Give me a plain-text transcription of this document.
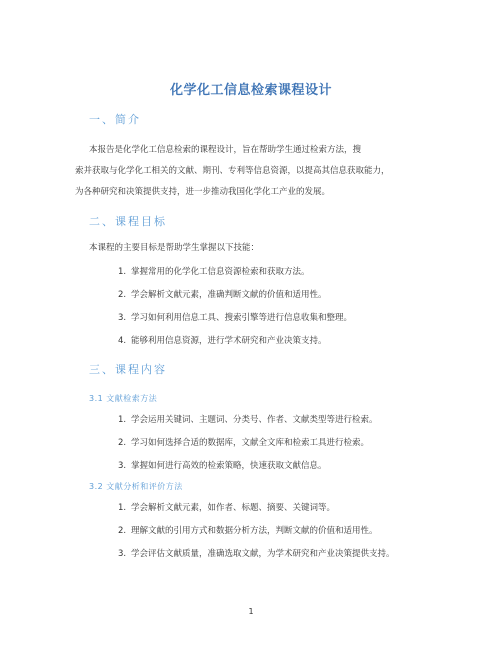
化学化工信息检索课程设计
一、简介
本报告是化学化工信息检索的课程设计，旨在帮助学生通过检索方法，搜
索并获取与化学化工相关的文献、期刊、专利等信息资源，以提高其信息获取能力，
为各种研究和决策提供支持，进一步推动我国化学化工产业的发展。
二、课程目标
本课程的主要目标是帮助学生掌握以下技能：
1. 掌握常用的化学化工信息资源检索和获取方法。
2. 学会解析文献元素，准确判断文献的价值和适用性。
3. 学习如何利用信息工具、搜索引擎等进行信息收集和整理。
4. 能够利用信息资源，进行学术研究和产业决策支持。
三、课程内容
3.1 文献检索方法
1. 学会运用关键词、主题词、分类号、作者、文献类型等进行检索。
2. 学习如何选择合适的数据库，文献全文库和检索工具进行检索。
3. 掌握如何进行高效的检索策略，快速获取文献信息。
3.2 文献分析和评价方法
1. 学会解析文献元素，如作者、标题、摘要、关键词等。
2. 理解文献的引用方式和数据分析方法，判断文献的价值和适用性。
3. 学会评估文献质量，准确选取文献，为学术研究和产业决策提供支持。
1
